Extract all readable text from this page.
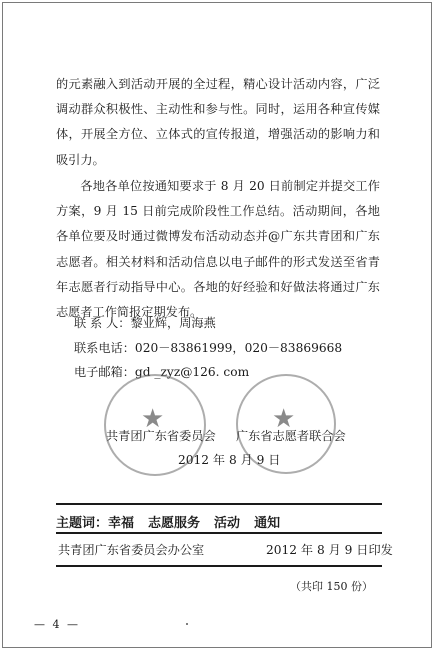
的元素融入到活动开展的全过程，精心设计活动内容，广泛调动群众积极性、主动性和参与性。同时，运用各种宣传媒体，开展全方位、立体式的宣传报道，增强活动的影响力和吸引力。

各地各单位按通知要求于 8 月 20 日前制定并提交工作方案，9 月 15 日前完成阶段性工作总结。活动期间，各地各单位要及时通过微博发布活动动态并@广东共青团和广东志愿者。相关材料和活动信息以电子邮件的形式发送至省青年志愿者行动指导中心。各地的好经验和好做法将通过广东志愿者工作简报定期发布。

联 系 人：黎业辉，周海燕
联系电话：020－83861999，020－83869668
电子邮箱：gd _zyz@126. com
★	★
共青团广东省委员会 广东省志愿者联合会
2012 年 8 月 9 日
主题词：幸福 志愿服务 活动 通知
共青团广东省委员会办公室	2012 年 8 月 9 日印发
（共印 150 份）
— 4 —
